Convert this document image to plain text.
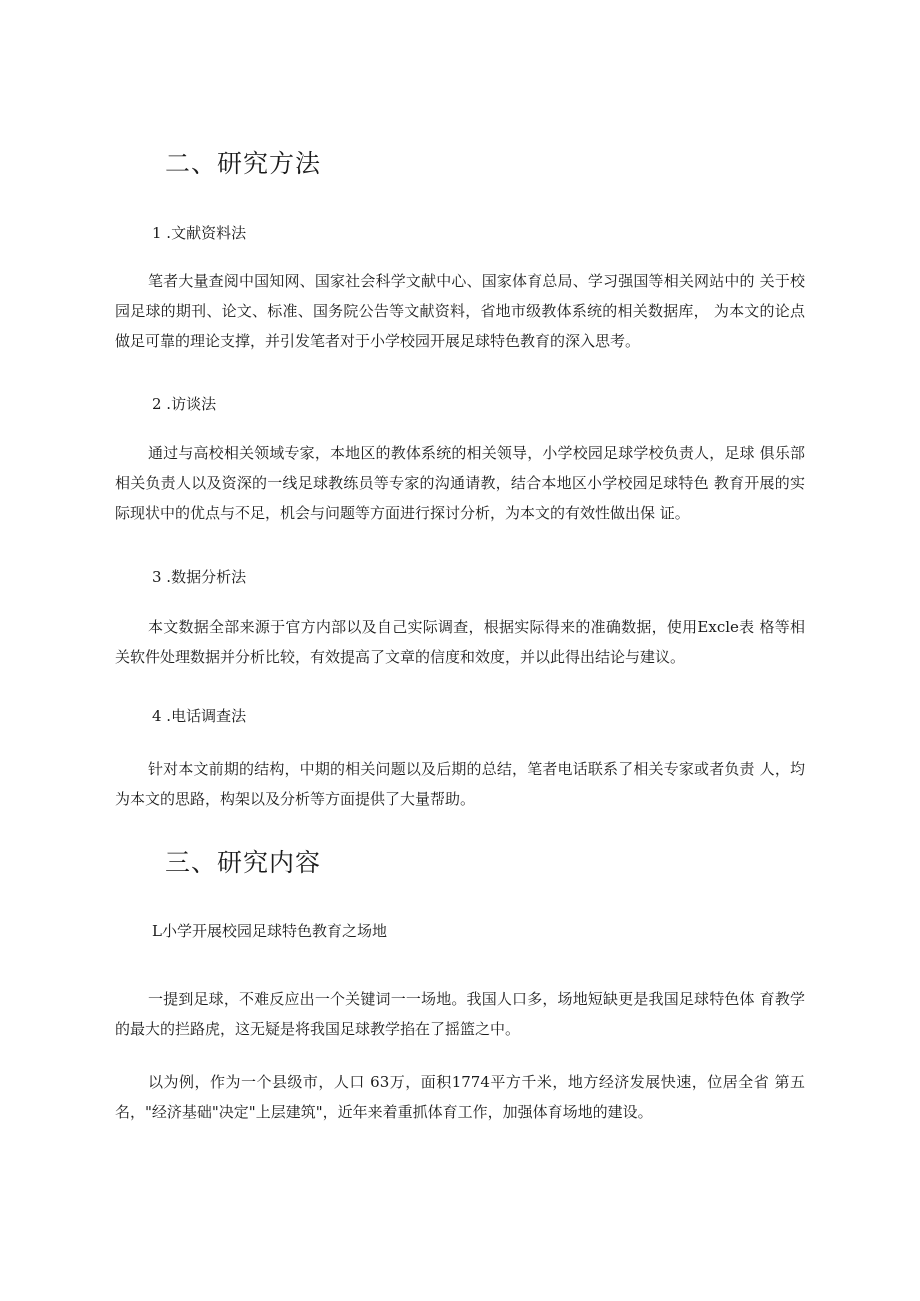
二、研究方法
1 .文献资料法

笔者大量查阅中国知网、国家社会科学文献中心、国家体育总局、学习强国等相关网站中的 关于校园足球的期刊、论文、标准、国务院公告等文献资料，省地市级教体系统的相关数据库， 为本文的论点做足可靠的理论支撑，并引发笔者对于小学校园开展足球特色教育的深入思考。

2 .访谈法

通过与高校相关领域专家，本地区的教体系统的相关领导，小学校园足球学校负责人，足球 俱乐部相关负责人以及资深的一线足球教练员等专家的沟通请教，结合本地区小学校园足球特色 教育开展的实际现状中的优点与不足，机会与问题等方面进行探讨分析，为本文的有效性做出保 证。

3 .数据分析法

本文数据全部来源于官方内部以及自己实际调查，根据实际得来的准确数据，使用Excle表 格等相关软件处理数据并分析比较，有效提高了文章的信度和效度，并以此得出结论与建议。

4 .电话调查法

针对本文前期的结构，中期的相关问题以及后期的总结，笔者电话联系了相关专家或者负责 人，均为本文的思路，构架以及分析等方面提供了大量帮助。

三、研究内容
L小学开展校园足球特色教育之场地

一提到足球，不难反应出一个关键词一一场地。我国人口多，场地短缺更是我国足球特色体 育教学的最大的拦路虎，这无疑是将我国足球教学掐在了摇篮之中。

以为例，作为一个县级市，人口 63万，面积1774平方千米，地方经济发展快速，位居全省 第五名，"经济基础"决定"上层建筑"，近年来着重抓体育工作，加强体育场地的建设。
